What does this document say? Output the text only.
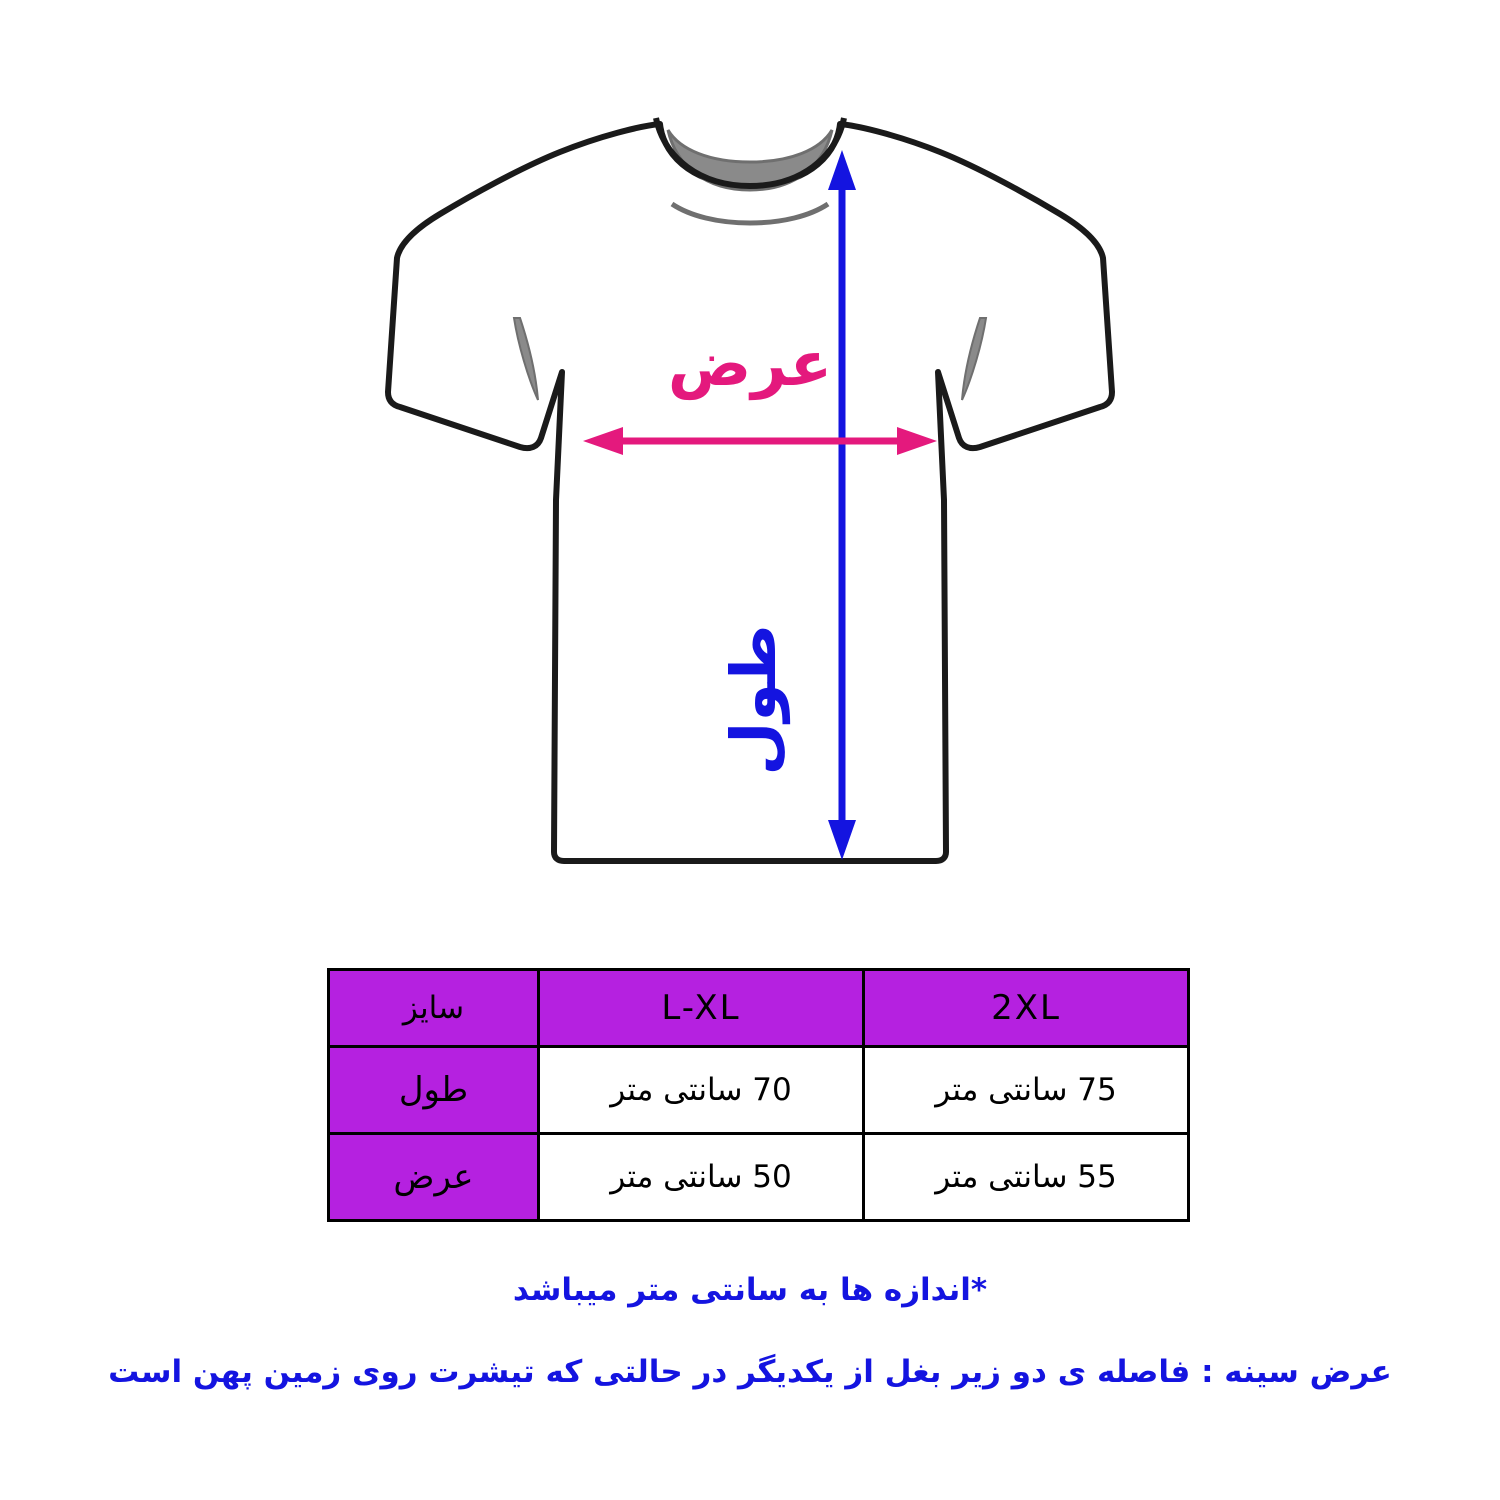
عرض
طول
2XL	L-XL	سایز
75 سانتی متر	70 سانتی متر	طول
55 سانتی متر	50 سانتی متر	عرض
*اندازه ها به سانتی متر میباشد
عرض سینه : فاصله ی دو زیر بغل از یکدیگر در حالتی که تیشرت روی زمین پهن است
